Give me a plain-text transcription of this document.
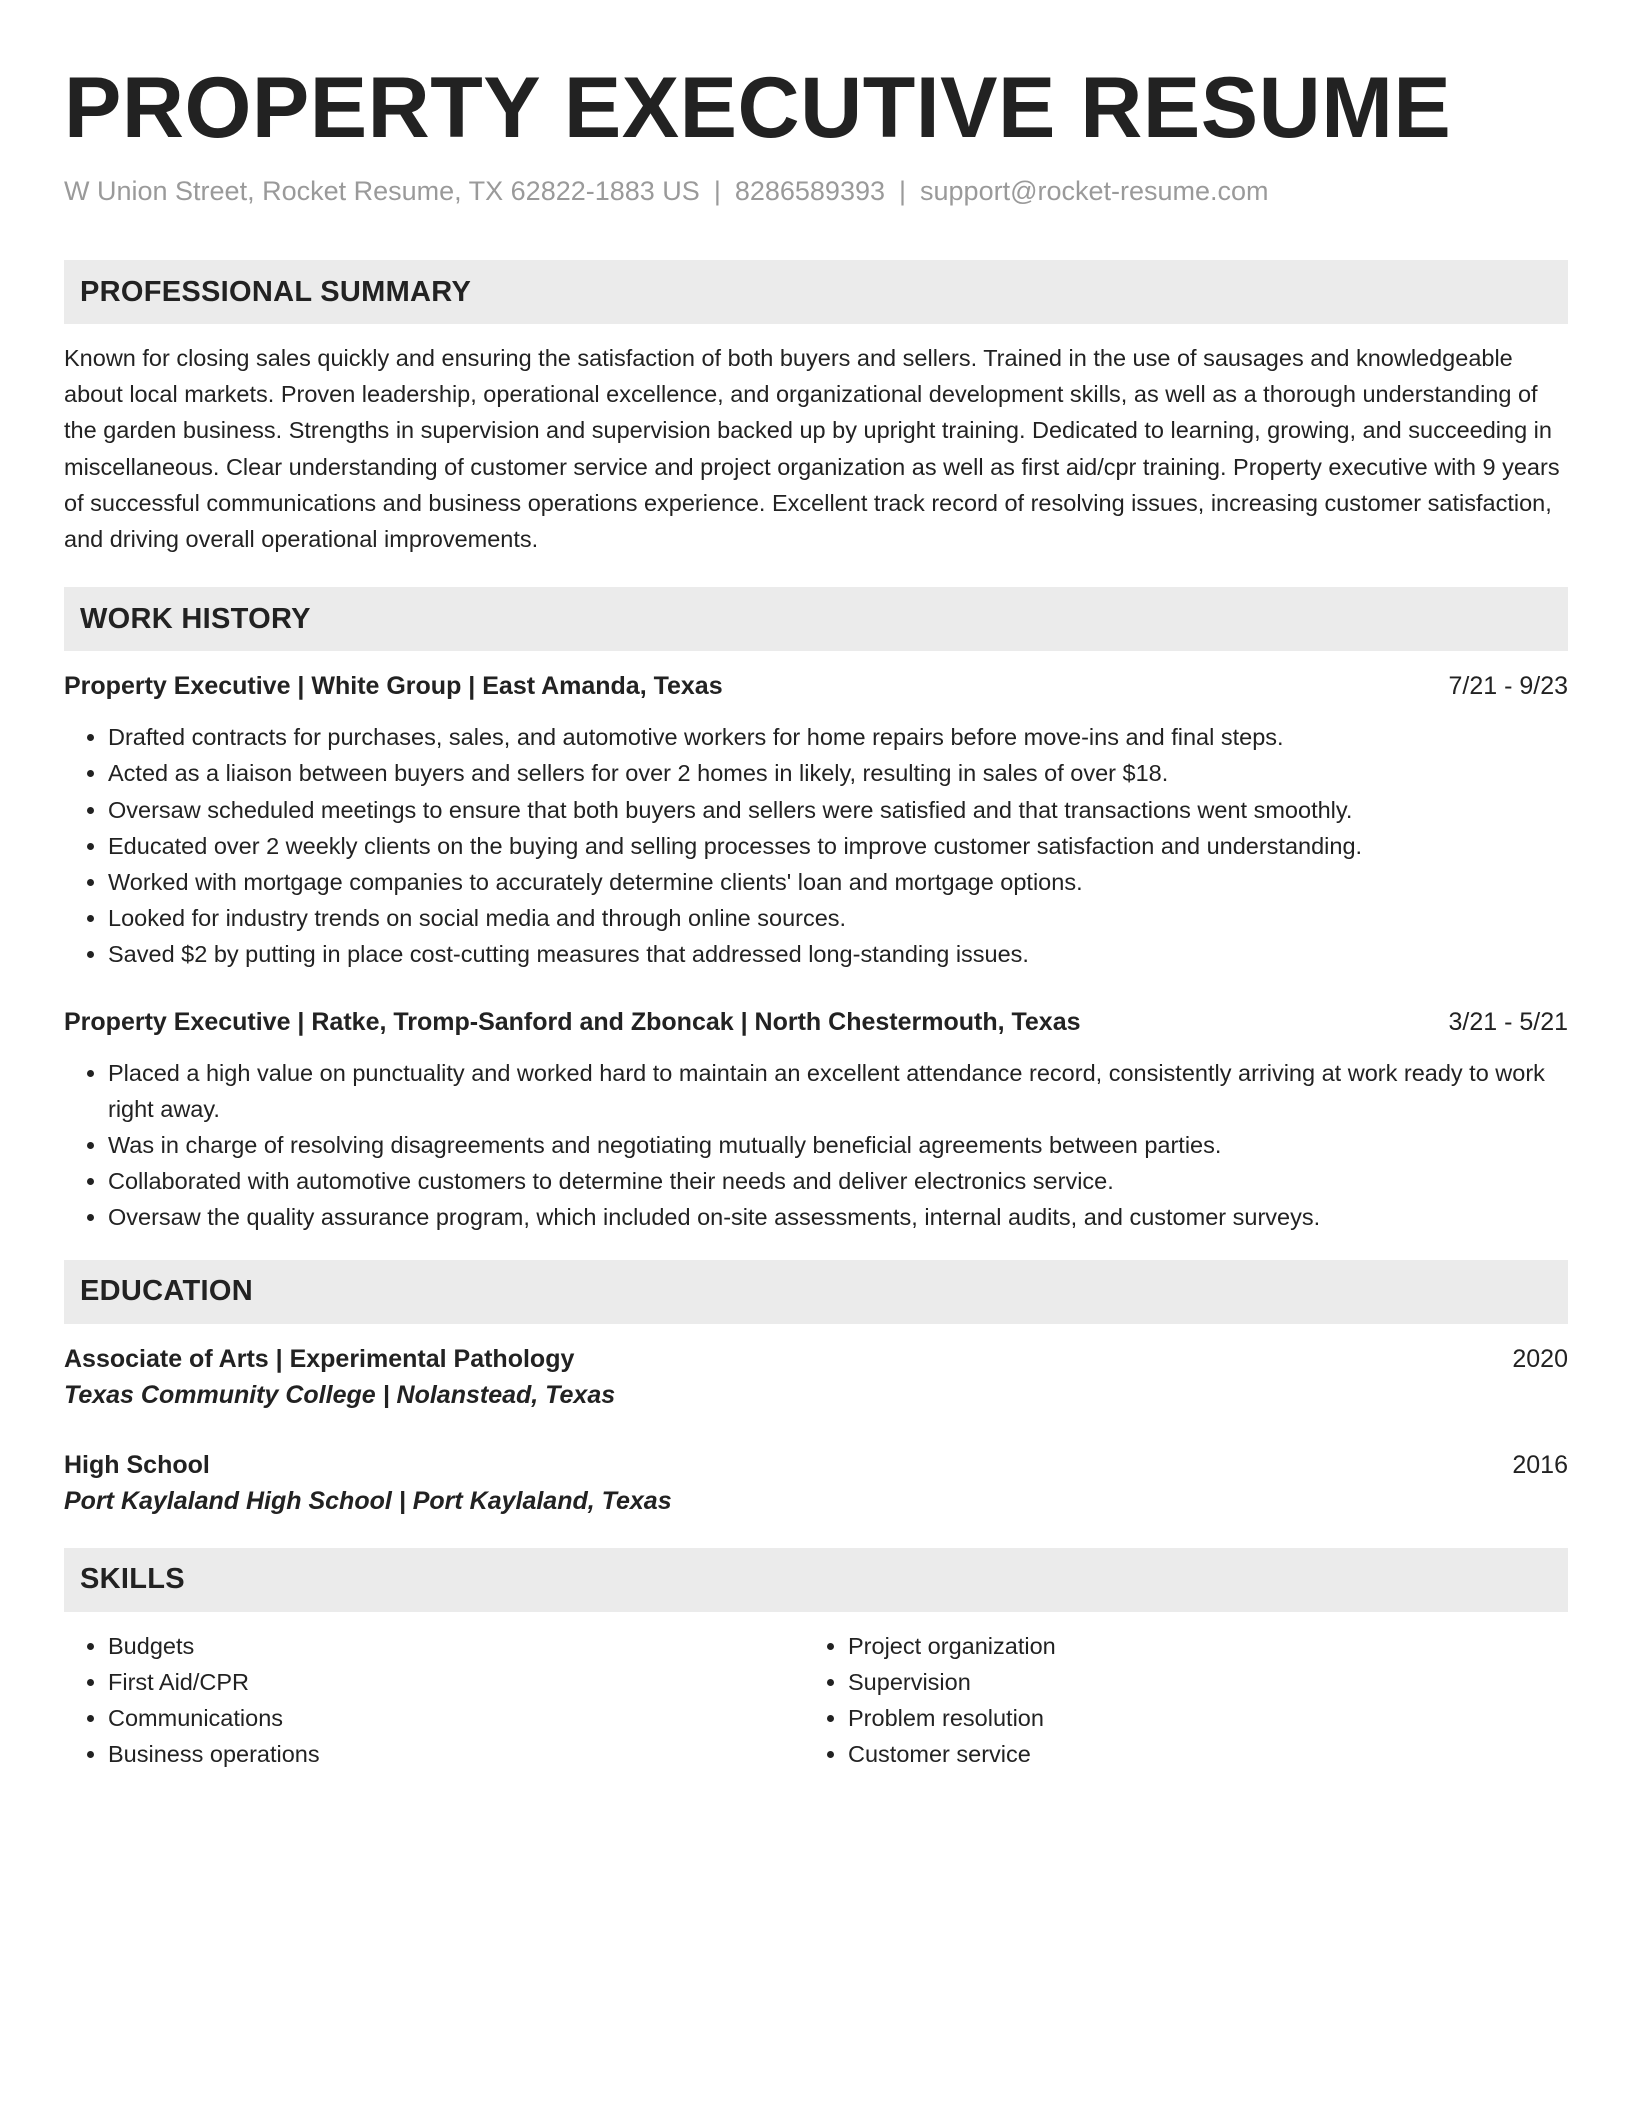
PROPERTY EXECUTIVE RESUME
W Union Street, Rocket Resume, TX 62822-1883 US | 8286589393 | support@rocket-resume.com
PROFESSIONAL SUMMARY

Known for closing sales quickly and ensuring the satisfaction of both buyers and sellers. Trained in the use of sausages and knowledgeable about local markets. Proven leadership, operational excellence, and organizational development skills, as well as a thorough understanding of the garden business. Strengths in supervision and supervision backed up by upright training. Dedicated to learning, growing, and succeeding in miscellaneous. Clear understanding of customer service and project organization as well as first aid/cpr training. Property executive with 9 years of successful communications and business operations experience. Excellent track record of resolving issues, increasing customer satisfaction, and driving overall operational improvements.

WORK HISTORY
Property Executive | White Group | East Amanda, Texas	7/21 - 9/23
• Drafted contracts for purchases, sales, and automotive workers for home repairs before move-ins and final steps.
• Acted as a liaison between buyers and sellers for over 2 homes in likely, resulting in sales of over $18.
• Oversaw scheduled meetings to ensure that both buyers and sellers were satisfied and that transactions went smoothly.
• Educated over 2 weekly clients on the buying and selling processes to improve customer satisfaction and understanding.
• Worked with mortgage companies to accurately determine clients' loan and mortgage options.
• Looked for industry trends on social media and through online sources.
• Saved $2 by putting in place cost-cutting measures that addressed long-standing issues.
Property Executive | Ratke, Tromp-Sanford and Zboncak | North Chestermouth, Texas	3/21 - 5/21
• Placed a high value on punctuality and worked hard to maintain an excellent attendance record, consistently arriving at work ready to work right away.
• Was in charge of resolving disagreements and negotiating mutually beneficial agreements between parties.
• Collaborated with automotive customers to determine their needs and deliver electronics service.
• Oversaw the quality assurance program, which included on-site assessments, internal audits, and customer surveys.
EDUCATION
Associate of Arts | Experimental Pathology	2020
Texas Community College | Nolanstead, Texas
High School	2016
Port Kaylaland High School | Port Kaylaland, Texas
SKILLS
• Budgets
• First Aid/CPR
• Communications
• Business operations
• Project organization
• Supervision
• Problem resolution
• Customer service
